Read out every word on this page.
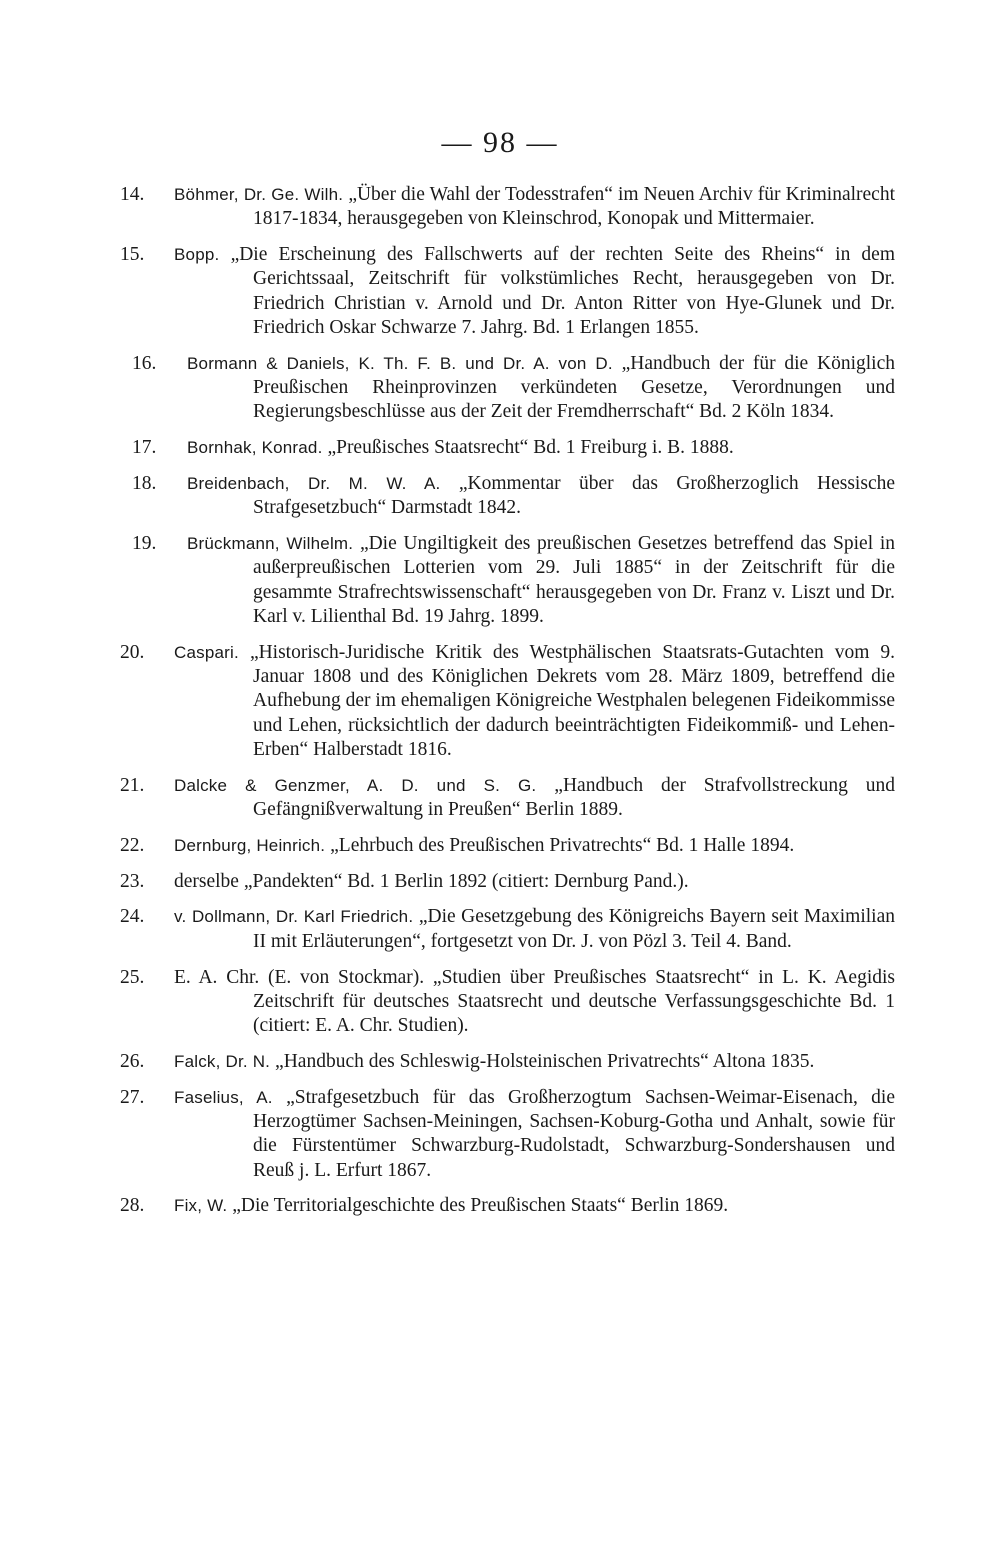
— 98 —
14.	Böhmer, Dr. Ge. Wilh. „Über die Wahl der Todesstrafen“ im Neuen Archiv für Kriminalrecht 1817-1834, herausgegeben von Kleinschrod, Konopak und Mittermaier.
15.	Bopp. „Die Erscheinung des Fallschwerts auf der rechten Seite des Rheins“ in dem Gerichtssaal, Zeitschrift für volkstümliches Recht, herausgegeben von Dr. Friedrich Christian v. Arnold und Dr. Anton Ritter von Hye-Glunek und Dr. Friedrich Oskar Schwarze 7. Jahrg. Bd. 1 Erlangen 1855.
16.	Bormann & Daniels, K. Th. F. B. und Dr. A. von D. „Handbuch der für die Königlich Preußischen Rheinprovinzen verkündeten Gesetze, Verordnungen und Regierungsbeschlüsse aus der Zeit der Fremdherrschaft“ Bd. 2 Köln 1834.
17.	Bornhak, Konrad. „Preußisches Staatsrecht“ Bd. 1 Freiburg i. B. 1888.
18.	Breidenbach, Dr. M. W. A. „Kommentar über das Großherzoglich Hessische Strafgesetzbuch“ Darmstadt 1842.
19.	Brückmann, Wilhelm. „Die Ungiltigkeit des preußischen Gesetzes betreffend das Spiel in außerpreußischen Lotterien vom 29. Juli 1885“ in der Zeitschrift für die gesammte Strafrechtswissenschaft“ herausgegeben von Dr. Franz v. Liszt und Dr. Karl v. Lilienthal Bd. 19 Jahrg. 1899.
20.	Caspari. „Historisch-Juridische Kritik des Westphälischen Staatsrats-Gutachten vom 9. Januar 1808 und des Königlichen Dekrets vom 28. März 1809, betreffend die Aufhebung der im ehemaligen Königreiche Westphalen belegenen Fideikommisse und Lehen, rücksichtlich der dadurch beeinträchtigten Fideikommiß- und Lehen-Erben“ Halberstadt 1816.
21.	Dalcke & Genzmer, A. D. und S. G. „Handbuch der Strafvollstreckung und Gefängnißverwaltung in Preußen“ Berlin 1889.
22.	Dernburg, Heinrich. „Lehrbuch des Preußischen Privatrechts“ Bd. 1 Halle 1894.
23.	derselbe „Pandekten“ Bd. 1 Berlin 1892 (citiert: Dernburg Pand.).
24.	v. Dollmann, Dr. Karl Friedrich. „Die Gesetzgebung des Königreichs Bayern seit Maximilian II mit Erläuterungen“, fortgesetzt von Dr. J. von Pözl 3. Teil 4. Band.
25.	E. A. Chr. (E. von Stockmar). „Studien über Preußisches Staatsrecht“ in L. K. Aegidis Zeitschrift für deutsches Staatsrecht und deutsche Verfassungsgeschichte Bd. 1 (citiert: E. A. Chr. Studien).
26.	Falck, Dr. N. „Handbuch des Schleswig-Holsteinischen Privatrechts“ Altona 1835.
27.	Faselius, A. „Strafgesetzbuch für das Großherzogtum Sachsen-Weimar-Eisenach, die Herzogtümer Sachsen-Meiningen, Sachsen-Koburg-Gotha und Anhalt, sowie für die Fürstentümer Schwarzburg-Rudolstadt, Schwarzburg-Sondershausen und Reuß j. L. Erfurt 1867.
28.	Fix, W. „Die Territorialgeschichte des Preußischen Staats“ Berlin 1869.
